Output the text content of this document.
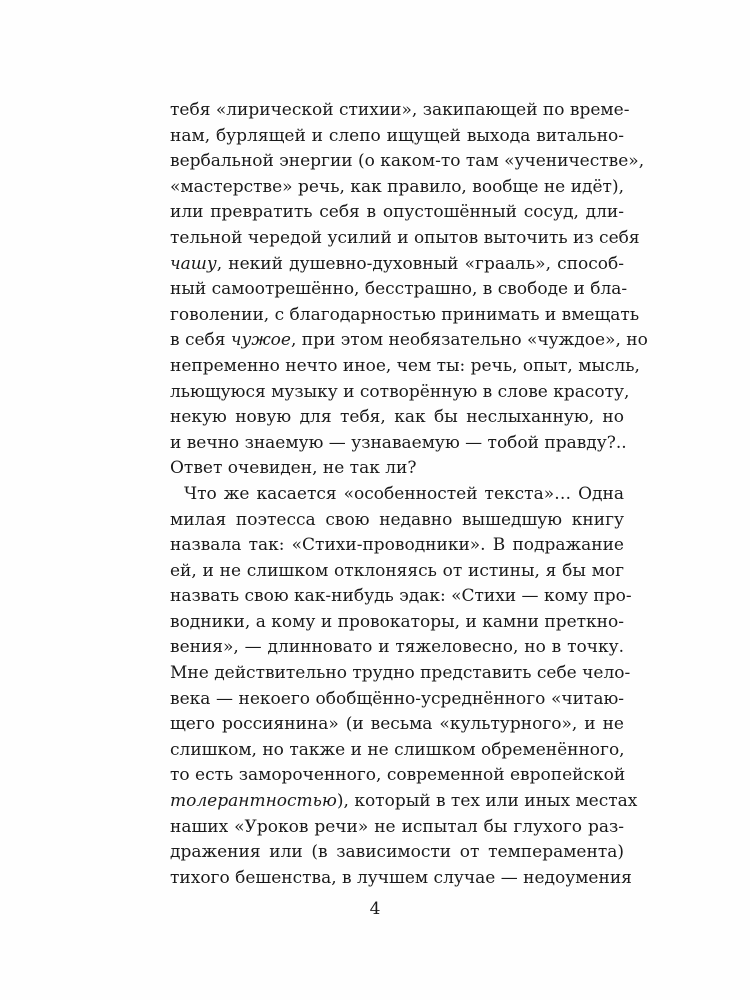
тебя «лирической стихии», закипающей по време-
нам, бурлящей и слепо ищущей выхода витально-
вербальной энергии (о каком-то там «ученичестве»,
«мастерстве» речь, как правило, вообще не идёт),
или превратить себя в опустошённый сосуд, дли-
тельной чередой усилий и опытов выточить из себя
чашу, некий душевно-духовный «грааль», способ-
ный самоотрешённо, бесстрашно, в свободе и бла-
говолении, с благодарностью принимать и вмещать
в себя чужое, при этом необязательно «чуждое», но
непременно нечто иное, чем ты: речь, опыт, мысль,
льющуюся музыку и сотворённую в слове красоту,
некую новую для тебя, как бы неслыханную, но
и вечно знаемую — узнаваемую — тобой правду?..
Ответ очевиден, не так ли?
Что же касается «особенностей текста»… Одна
милая поэтесса свою недавно вышедшую книгу
назвала так: «Стихи-проводники». В подражание
ей, и не слишком отклоняясь от истины, я бы мог
назвать свою как-нибудь эдак: «Стихи — кому про-
водники, а кому и провокаторы, и камни преткно-
вения», — длинновато и тяжеловесно, но в точку.
Мне действительно трудно представить себе чело-
века — некоего обобщённо-усреднённого «читаю-
щего россиянина» (и весьма «культурного», и не
слишком, но также и не слишком обременённого,
то есть замороченного, современной европейской
толерантностью), который в тех или иных местах
наших «Уроков речи» не испытал бы глухого раз-
дражения или (в зависимости от темперамента)
тихого бешенства, в лучшем случае — недоумения
4
